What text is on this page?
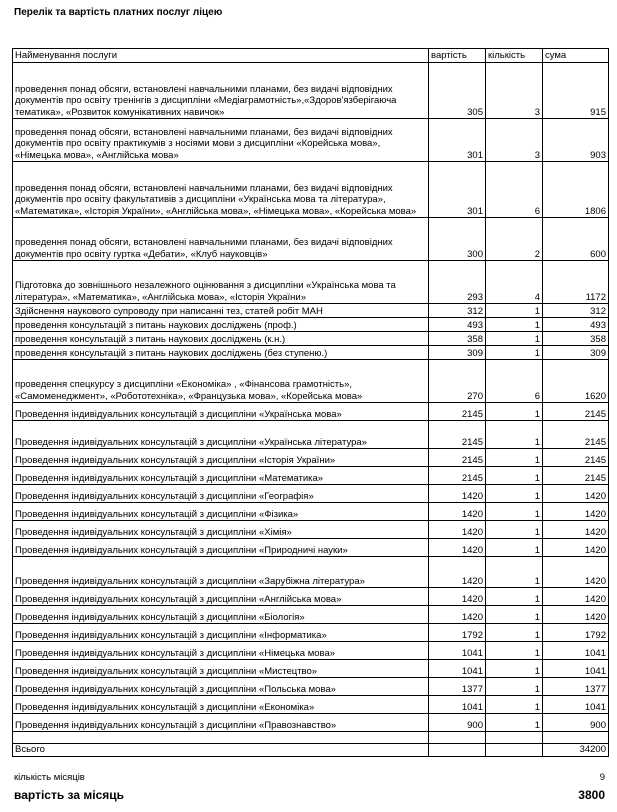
Перелік та вартість платних послуг ліцею
Найменування послуги	вартість	кількість	сума
проведення понад обсяги, встановлені навчальними планами, без видачі відповідних документів про освіту тренінгів з дисципліни «Медіаграмотність»,«Здоров'язберігаюча тематика», «Розвиток комунікативних навичок»	305	3	915
проведення понад обсяги, встановлені навчальними планами, без видачі відповідних документів про освіту практикумів з носіями мови з дисципліни «Корейська мова», «Німецька мова», «Англійська мова»	301	3	903
проведення понад обсяги, встановлені навчальними планами, без видачі відповідних документів про освіту факультативів з дисципліни «Українська мова та література», «Математика», «Історія України», «Англійська мова», «Німецька мова», «Корейська мова»	301	6	1806
проведення понад обсяги, встановлені навчальними планами, без видачі відповідних документів про освіту гуртка «Дебати», «Клуб науковців»	300	2	600
Підготовка до зовнішнього незалежного оцінювання з дисципліни «Українська мова та література», «Математика», «Англійська мова», «Історія України»	293	4	1172
Здійснення наукового супроводу при написанні тез, статей робіт МАН	312	1	312
проведення консультацій з питань наукових досліджень (проф.)	493	1	493
проведення консультацій з питань наукових досліджень (к.н.)	358	1	358
проведення консультацій з питань наукових досліджень (без ступеню.)	309	1	309
проведення спецкурсу з дисципліни «Економіка» , «Фінансова грамотність», «Самоменеджмент», «Робототехніка», «Французька мова», «Корейська мова»	270	6	1620
Проведення індивідуальних консультацій з дисципліни «Українська мова»	2145	1	2145
Проведення індивідуальних консультацій з дисципліни «Українська література»	2145	1	2145
Проведення індивідуальних консультацій з дисципліни «Історія України»	2145	1	2145
Проведення індивідуальних консультацій з дисципліни «Математика»	2145	1	2145
Проведення індивідуальних консультацій з дисципліни «Географія»	1420	1	1420
Проведення індивідуальних консультацій з дисципліни «Фізика»	1420	1	1420
Проведення індивідуальних консультацій з дисципліни «Хімія»	1420	1	1420
Проведення індивідуальних консультацій з дисципліни «Природничі науки»	1420	1	1420
Проведення індивідуальних консультацій з дисципліни «Зарубіжна література»	1420	1	1420
Проведення індивідуальних консультацій з дисципліни «Англійська мова»	1420	1	1420
Проведення індивідуальних консультацій з дисципліни «Біологія»	1420	1	1420
Проведення індивідуальних консультацій з дисципліни «Інформатика»	1792	1	1792
Проведення індивідуальних консультацій з дисципліни «Німецька мова»	1041	1	1041
Проведення індивідуальних консультацій з дисципліни «Мистецтво»	1041	1	1041
Проведення індивідуальних консультацій з дисципліни «Польська мова»	1377	1	1377
Проведення індивідуальних консультацій з дисципліни «Економіка»	1041	1	1041
Проведення індивідуальних консультацій з дисципліни «Правознавство»	900	1	900

Всього			34200
кількість місяців	9
вартість за місяць	3800
